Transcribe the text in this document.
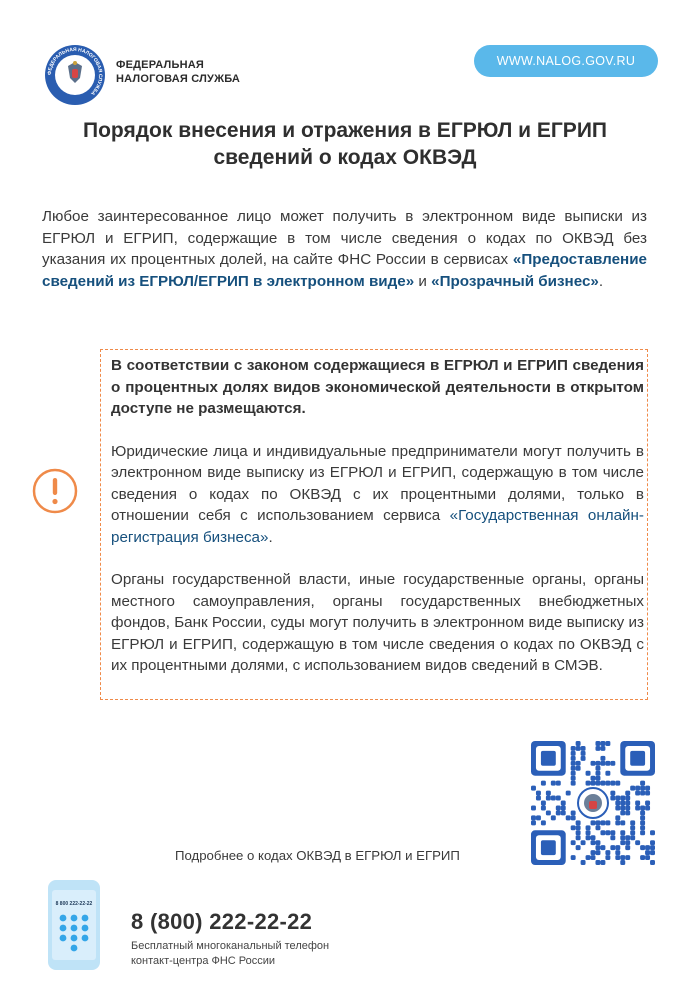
ФЕДЕРАЛЬНАЯ НАЛОГОВАЯ СЛУЖБА
ФЕДЕРАЛЬНАЯ
НАЛОГОВАЯ СЛУЖБА
WWW.NALOG.GOV.RU
Порядок внесения и отражения в ЕГРЮЛ и ЕГРИП
сведений о кодах ОКВЭД
Любое заинтересованное лицо может получить в электронном виде выписки из ЕГРЮЛ и ЕГРИП, содержащие в том числе сведения о кодах по ОКВЭД без указания их процентных долей, на сайте ФНС России в сервисах «Предоставление сведений из ЕГРЮЛ/ЕГРИП в электронном виде» и «Прозрачный бизнес».

В соответствии с законом содержащиеся в ЕГРЮЛ и ЕГРИП сведения о процентных долях видов экономической деятельности в открытом доступе не размещаются.

Юридические лица и индивидуальные предприниматели могут получить в электронном виде выписку из ЕГРЮЛ и ЕГРИП, содержащую в том числе сведения о кодах по ОКВЭД с их процентными долями, только в отношении себя с использованием сервиса «Государственная онлайн-регистрация бизнеса».

Органы государственной власти, иные государственные органы, органы местного самоуправления, органы государственных внебюджетных фондов, Банк России, суды могут получить в электронном виде выписку из ЕГРЮЛ и ЕГРИП, содержащую в том числе сведения о кодах по ОКВЭД с их процентными долями, с использованием видов сведений в СМЭВ.

Подробнее о кодах ОКВЭД в ЕГРЮЛ и ЕГРИП
8 800 222-22-22
8 (800) 222-22-22
Бесплатный многоканальный телефон
контакт-центра ФНС России
